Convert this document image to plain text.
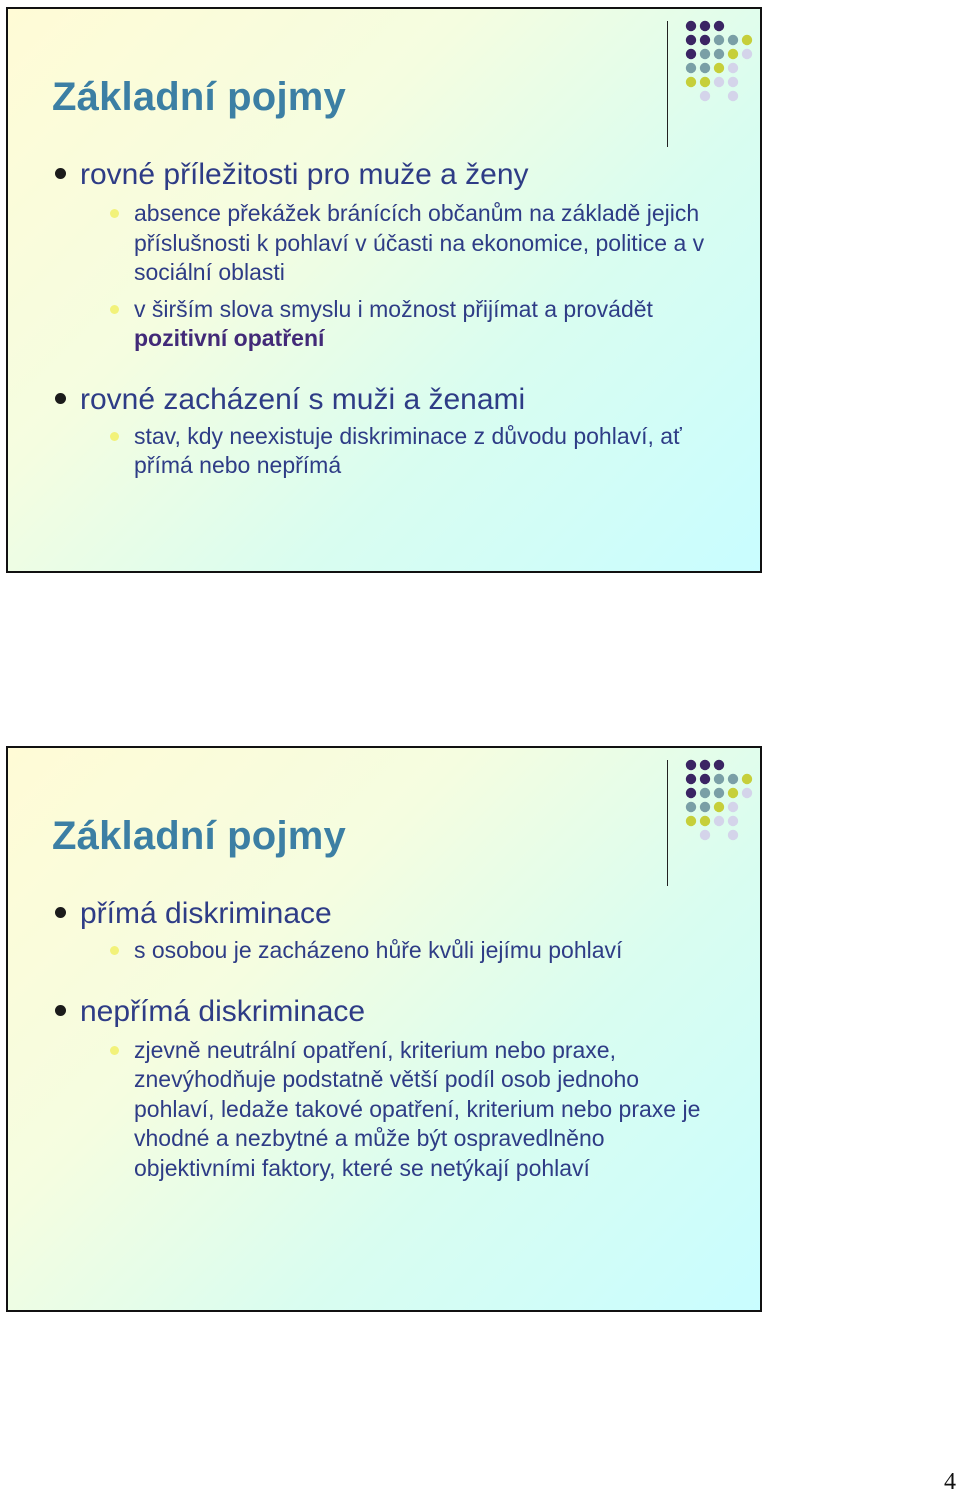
Základní pojmy
rovné příležitosti pro muže a ženy
absence překážek bránících občanům na základě jejich příslušnosti k pohlaví v účasti na ekonomice, politice a v sociální oblasti
v širším slova smyslu i možnost přijímat a provádět pozitivní opatření
rovné zacházení s muži a ženami
stav, kdy neexistuje diskriminace z důvodu pohlaví, ať přímá nebo nepřímá
Základní pojmy
přímá diskriminace
s osobou je zacházeno hůře kvůli jejímu pohlaví
nepřímá diskriminace
zjevně neutrální opatření, kriterium nebo praxe, znevýhodňuje podstatně větší podíl osob jednoho pohlaví, ledaže takové opatření, kriterium nebo praxe je vhodné a nezbytné a může být ospravedlněno objektivními faktory, které se netýkají pohlaví
4
